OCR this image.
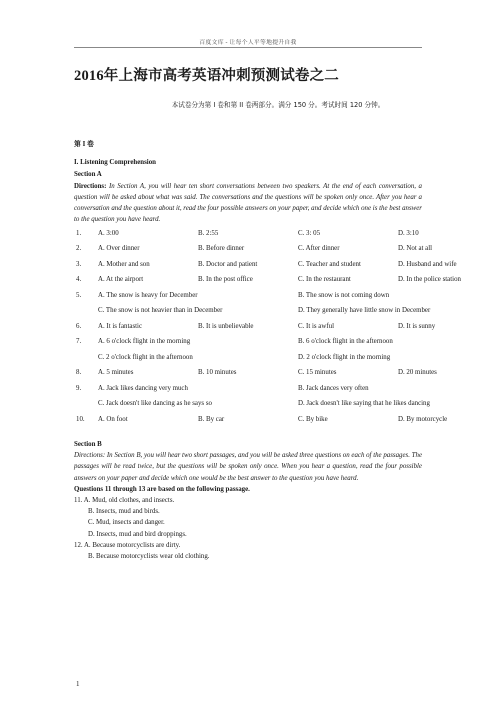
百度文库 - 让每个人平等地提升自我
2016年上海市高考英语冲刺预测试卷之二
本试卷分为第 I 卷和第 II 卷两部分。满分 150 分。考试时间 120 分钟。

第 I 卷

I. Listening Comprehension

Section A

Directions: In Section A, you will hear ten short conversations between two speakers. At the end of each conversation, a question will be asked about what was said. The conversations and the questions will be spoken only once. After you hear a conversation and the question about it, read the four possible answers on your paper, and decide which one is the best answer to the question you have heard.

1.	A. 3:00	B. 2:55	C. 3: 05	D. 3:10
2.	A. Over dinner	B. Before dinner	C. After dinner	D. Not at all
3.	A. Mother and son	B. Doctor and patient	C. Teacher and student	D. Husband and wife
4.	A. At the airport	B. In the post office	C. In the restaurant	D. In the police station
5.	A. The snow is heavy for December		B. The snow is not coming down	
	C. The snow is not heavier than in December		D. They generally have little snow in December	
6.	A. It is fantastic	B. It is unbelievable	C. It is awful	D. It is sunny
7.	A. 6 o'clock flight in the morning		B. 6 o'clock flight in the afternoon	
	C. 2 o'clock flight in the afternoon		D. 2 o'clock flight in the morning	
8.	A. 5 minutes	B. 10 minutes	C. 15 minutes	D. 20 minutes
9.	A. Jack likes dancing very much		B. Jack dances very often	
	C. Jack doesn't like dancing as he says so		D. Jack doesn't like saying that he likes dancing	
10.	A. On foot	B. By car	C. By bike	D. By motorcycle

Section B

Directions: In Section B, you will hear two short passages, and you will be asked three questions on each of the passages. The passages will be read twice, but the questions will be spoken only once. When you hear a question, read the four possible answers on your paper and decide which one would be the best answer to the question you have heard.

Questions 11 through 13 are based on the following passage.

11. A. Mud, old clothes, and insects.

B. Insects, mud and birds.

C. Mud, insects and danger.

D. Insects, mud and bird droppings.

12. A. Because motorcyclists are dirty.

B. Because motorcyclists wear old clothing.

1
